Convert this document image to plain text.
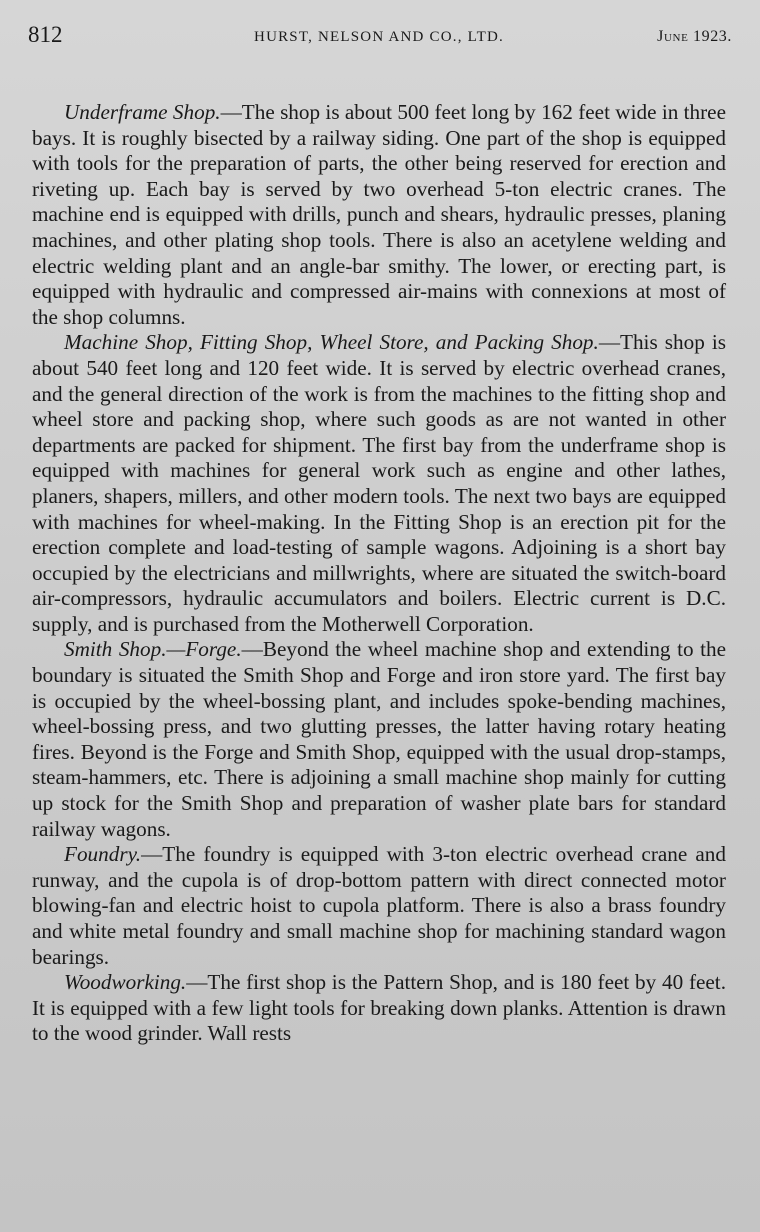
812	HURST, NELSON AND CO., LTD.	June 1923.

Underframe Shop.—The shop is about 500 feet long by 162 feet wide in three bays. It is roughly bisected by a railway siding. One part of the shop is equipped with tools for the preparation of parts, the other being reserved for erection and riveting up. Each bay is served by two overhead 5-ton electric cranes. The machine end is equipped with drills, punch and shears, hydraulic presses, planing machines, and other plating shop tools. There is also an acetylene welding and electric welding plant and an angle-bar smithy. The lower, or erecting part, is equipped with hydraulic and compressed air-mains with connexions at most of the shop columns.

Machine Shop, Fitting Shop, Wheel Store, and Packing Shop.—This shop is about 540 feet long and 120 feet wide. It is served by electric overhead cranes, and the general direction of the work is from the machines to the fitting shop and wheel store and packing shop, where such goods as are not wanted in other departments are packed for shipment. The first bay from the underframe shop is equipped with machines for general work such as engine and other lathes, planers, shapers, millers, and other modern tools. The next two bays are equipped with machines for wheel-making. In the Fitting Shop is an erection pit for the erection complete and load-testing of sample wagons. Adjoining is a short bay occupied by the electricians and millwrights, where are situated the switch-board air-compressors, hydraulic accumulators and boilers. Electric current is D.C. supply, and is purchased from the Motherwell Corporation.

Smith Shop.—Forge.—Beyond the wheel machine shop and extending to the boundary is situated the Smith Shop and Forge and iron store yard. The first bay is occupied by the wheel-bossing plant, and includes spoke-bending machines, wheel-bossing press, and two glutting presses, the latter having rotary heating fires. Beyond is the Forge and Smith Shop, equipped with the usual drop-stamps, steam-hammers, etc. There is adjoining a small machine shop mainly for cutting up stock for the Smith Shop and preparation of washer plate bars for standard railway wagons.

Foundry.—The foundry is equipped with 3-ton electric overhead crane and runway, and the cupola is of drop-bottom pattern with direct connected motor blowing-fan and electric hoist to cupola platform. There is also a brass foundry and white metal foundry and small machine shop for machining standard wagon bearings.

Woodworking.—The first shop is the Pattern Shop, and is 180 feet by 40 feet. It is equipped with a few light tools for breaking down planks. Attention is drawn to the wood grinder. Wall rests
